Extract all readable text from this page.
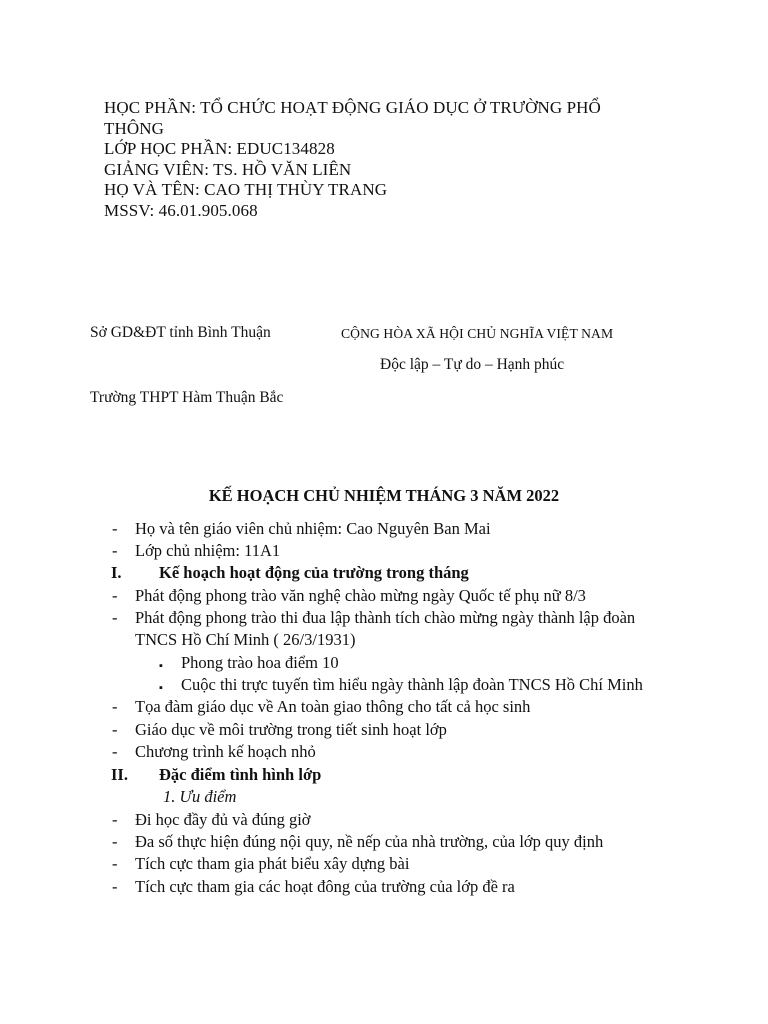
HỌC PHẦN: TỔ CHỨC HOẠT ĐỘNG GIÁO DỤC Ở TRƯỜNG PHỔ
THÔNG
LỚP HỌC PHẦN: EDUC134828
GIẢNG VIÊN: TS. HỒ VĂN LIÊN
HỌ VÀ TÊN: CAO THỊ THÙY TRANG
MSSV: 46.01.905.068
Sở GD&ĐT tỉnh Bình Thuận	CỘNG HÒA XÃ HỘI CHỦ NGHĨA VIỆT NAM
Độc lập – Tự do – Hạnh phúc
Trường THPT Hàm Thuận Bắc
KẾ HOẠCH CHỦ NHIỆM THÁNG 3 NĂM 2022
- Họ và tên giáo viên chủ nhiệm: Cao Nguyên Ban Mai
- Lớp chủ nhiệm: 11A1
I. Kế hoạch hoạt động của trường trong tháng
- Phát động phong trào văn nghệ chào mừng ngày Quốc tế phụ nữ 8/3
- Phát động phong trào thi đua lập thành tích chào mừng ngày thành lập đoàn
TNCS Hồ Chí Minh ( 26/3/1931)
▪ Phong trào hoa điểm 10
▪ Cuộc thi trực tuyến tìm hiểu ngày thành lập đoàn TNCS Hồ Chí Minh
- Tọa đàm giáo dục về An toàn giao thông cho tất cả học sinh
- Giáo dục về môi trường trong tiết sinh hoạt lớp
- Chương trình kế hoạch nhỏ
II. Đặc điểm tình hình lớp
1. Ưu điểm
- Đi học đầy đủ và đúng giờ
- Đa số thực hiện đúng nội quy, nề nếp của nhà trường, của lớp quy định
- Tích cực tham gia phát biểu xây dựng bài
- Tích cực tham gia các hoạt đông của trường của lớp đề ra
